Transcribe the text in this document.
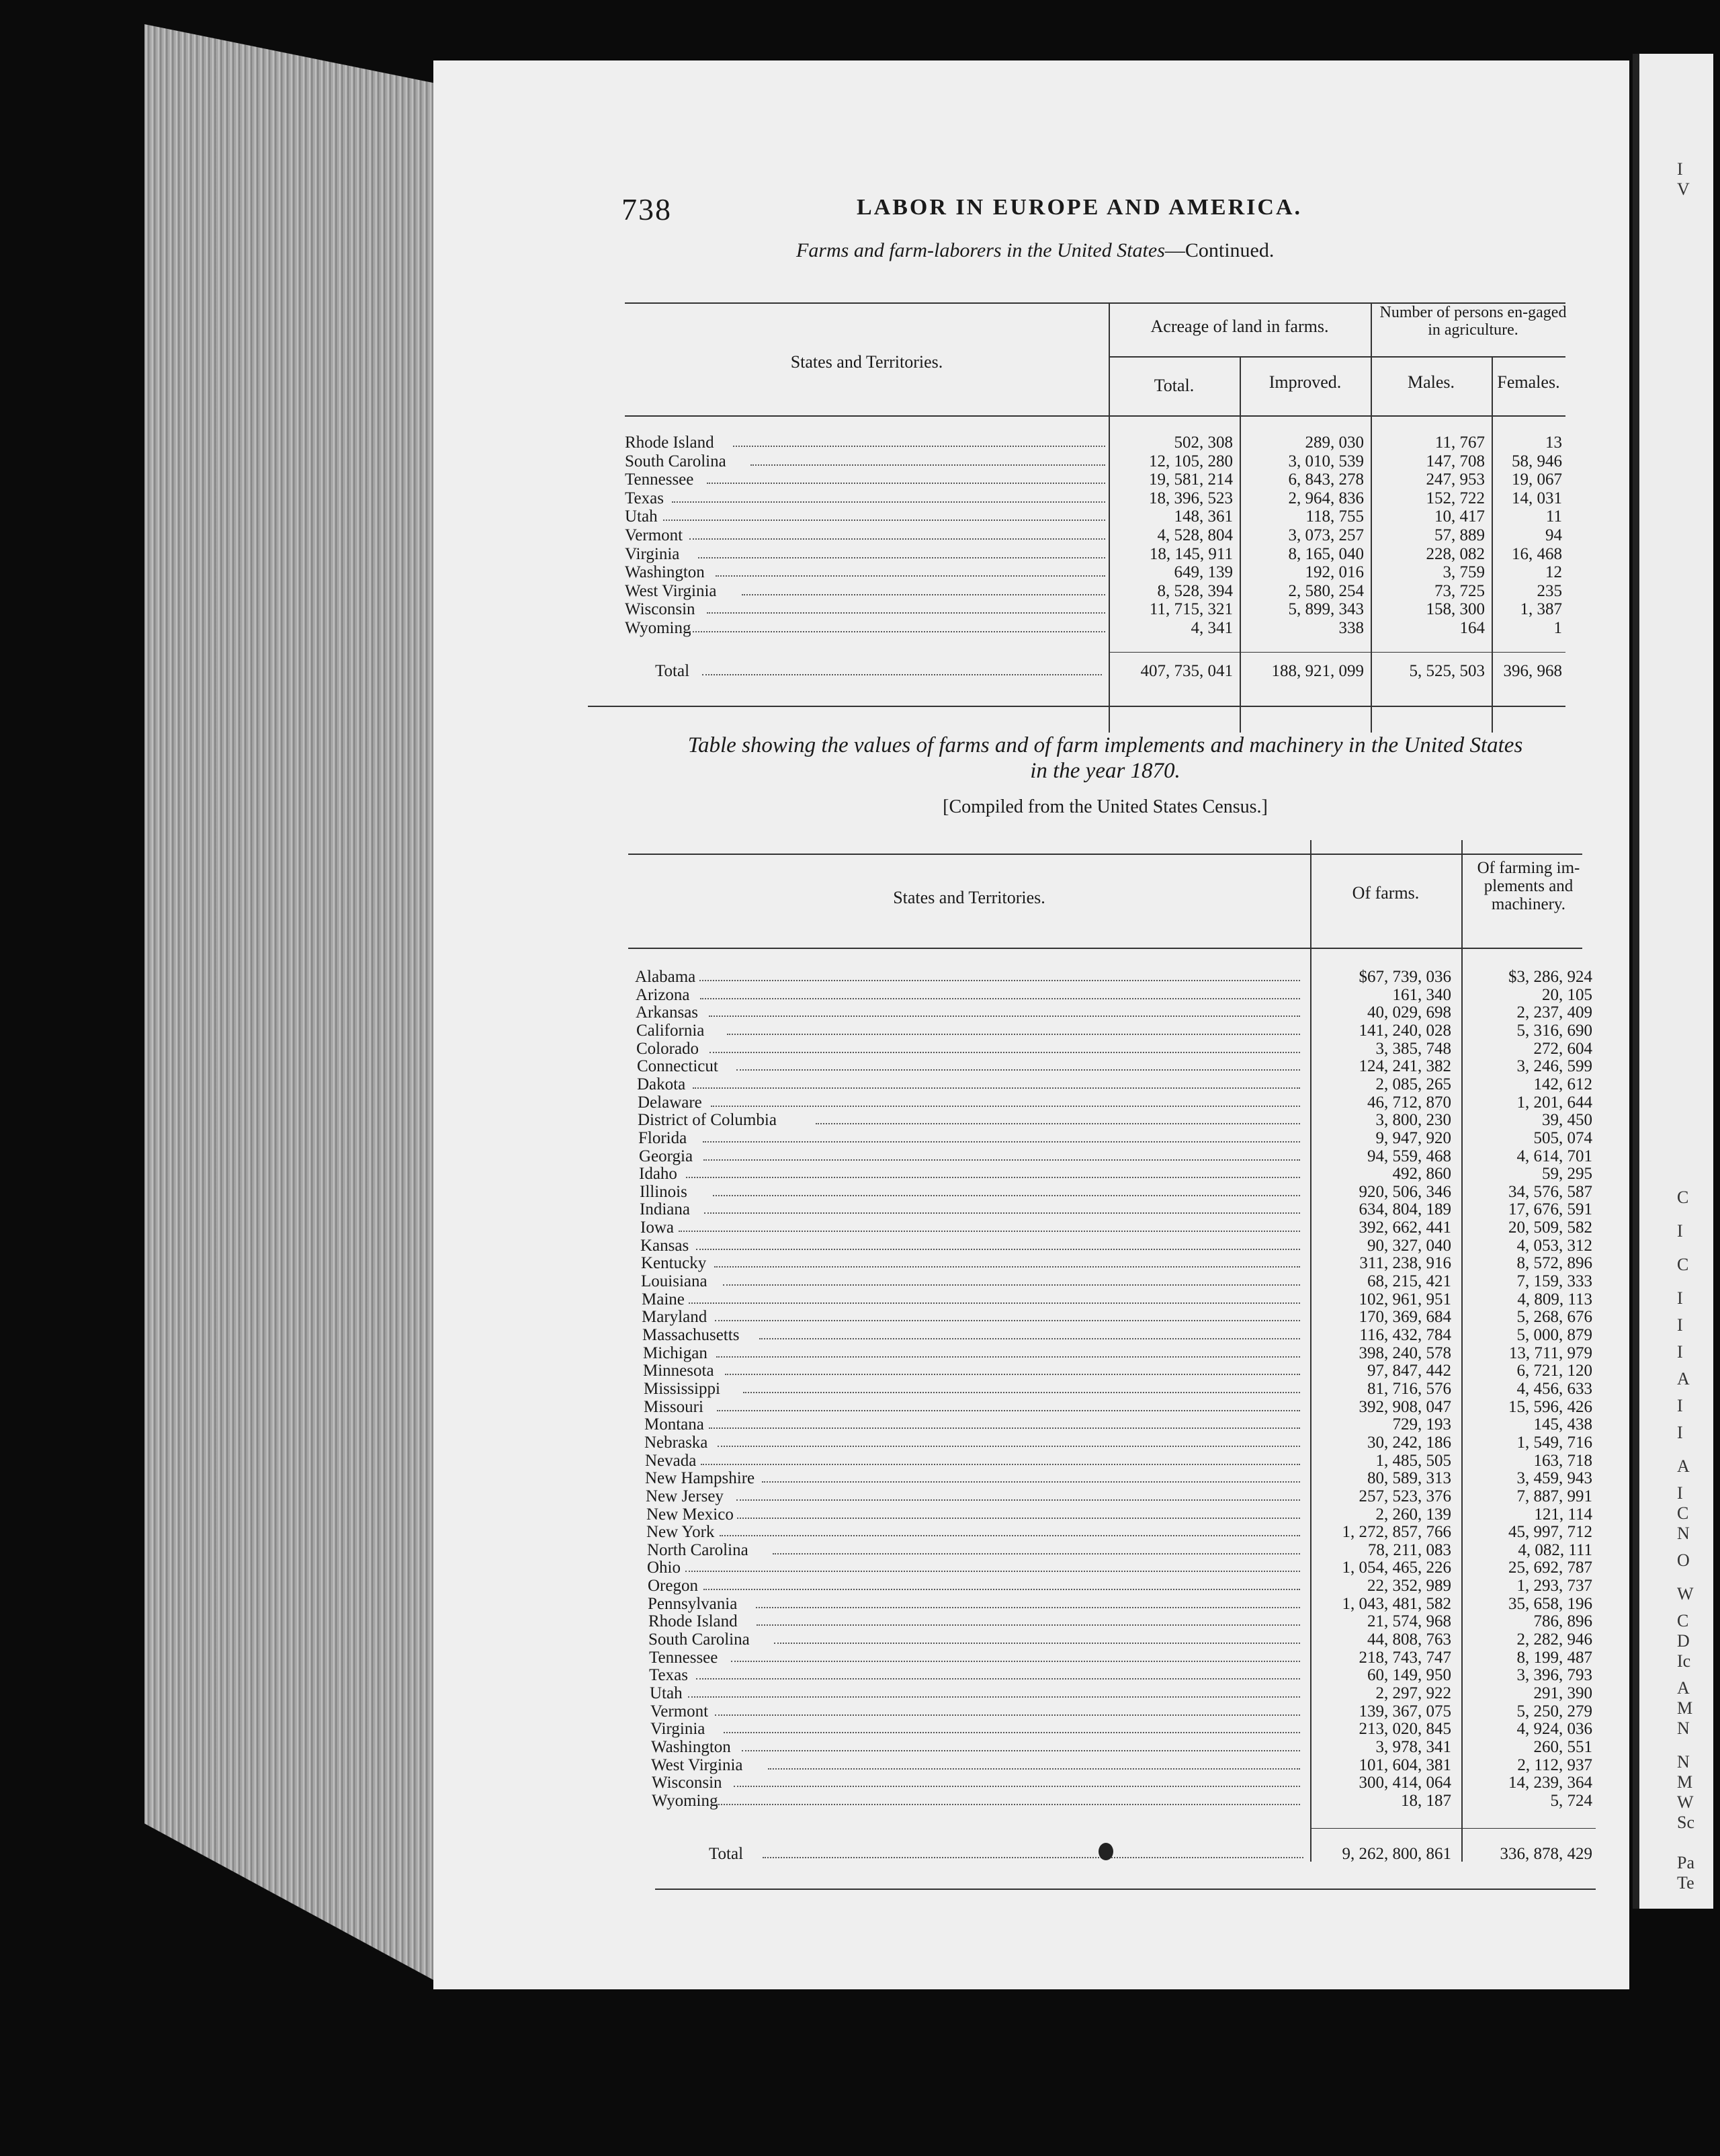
I
V
C
I
C
I
I
I
A
I
I
A
I
C
N
O
W
C
D
Ic
A
M
N
N
M
W
Sc
Pa
Te
738	LABOR IN EUROPE AND AMERICA.
Farms and farm-laborers in the United States—Continued.
States and Territories.
Acreage of land in farms.
Number of persons en-gaged in agriculture.
Total.	Improved.	Males.	Females.
Rhode Island	502, 308	289, 030	11, 767	13
South Carolina	12, 105, 280	3, 010, 539	147, 708	58, 946
Tennessee	19, 581, 214	6, 843, 278	247, 953	19, 067
Texas	18, 396, 523	2, 964, 836	152, 722	14, 031
Utah	148, 361	118, 755	10, 417	11
Vermont	4, 528, 804	3, 073, 257	57, 889	94
Virginia	18, 145, 911	8, 165, 040	228, 082	16, 468
Washington	649, 139	192, 016	3, 759	12
West Virginia	8, 528, 394	2, 580, 254	73, 725	235
Wisconsin	11, 715, 321	5, 899, 343	158, 300	1, 387
Wyoming	4, 341	338	164	1
Total	407, 735, 041	188, 921, 099	5, 525, 503	396, 968
Table showing the values of farms and of farm implements and machinery in the United States
in the year 1870.
[Compiled from the United States Census.]
States and Territories.	Of farms.
Of farming im-plements and machinery.
Alabama	$67, 739, 036	$3, 286, 924
Arizona	161, 340	20, 105
Arkansas	40, 029, 698	2, 237, 409
California	141, 240, 028	5, 316, 690
Colorado	3, 385, 748	272, 604
Connecticut	124, 241, 382	3, 246, 599
Dakota	2, 085, 265	142, 612
Delaware	46, 712, 870	1, 201, 644
District of Columbia	3, 800, 230	39, 450
Florida	9, 947, 920	505, 074
Georgia	94, 559, 468	4, 614, 701
Idaho	492, 860	59, 295
Illinois	920, 506, 346	34, 576, 587
Indiana	634, 804, 189	17, 676, 591
Iowa	392, 662, 441	20, 509, 582
Kansas	90, 327, 040	4, 053, 312
Kentucky	311, 238, 916	8, 572, 896
Louisiana	68, 215, 421	7, 159, 333
Maine	102, 961, 951	4, 809, 113
Maryland	170, 369, 684	5, 268, 676
Massachusetts	116, 432, 784	5, 000, 879
Michigan	398, 240, 578	13, 711, 979
Minnesota	97, 847, 442	6, 721, 120
Mississippi	81, 716, 576	4, 456, 633
Missouri	392, 908, 047	15, 596, 426
Montana	729, 193	145, 438
Nebraska	30, 242, 186	1, 549, 716
Nevada	1, 485, 505	163, 718
New Hampshire	80, 589, 313	3, 459, 943
New Jersey	257, 523, 376	7, 887, 991
New Mexico	2, 260, 139	121, 114
New York	1, 272, 857, 766	45, 997, 712
North Carolina	78, 211, 083	4, 082, 111
Ohio	1, 054, 465, 226	25, 692, 787
Oregon	22, 352, 989	1, 293, 737
Pennsylvania	1, 043, 481, 582	35, 658, 196
Rhode Island	21, 574, 968	786, 896
South Carolina	44, 808, 763	2, 282, 946
Tennessee	218, 743, 747	8, 199, 487
Texas	60, 149, 950	3, 396, 793
Utah	2, 297, 922	291, 390
Vermont	139, 367, 075	5, 250, 279
Virginia	213, 020, 845	4, 924, 036
Washington	3, 978, 341	260, 551
West Virginia	101, 604, 381	2, 112, 937
Wisconsin	300, 414, 064	14, 239, 364
Wyoming	18, 187	5, 724
Total	9, 262, 800, 861	336, 878, 429
